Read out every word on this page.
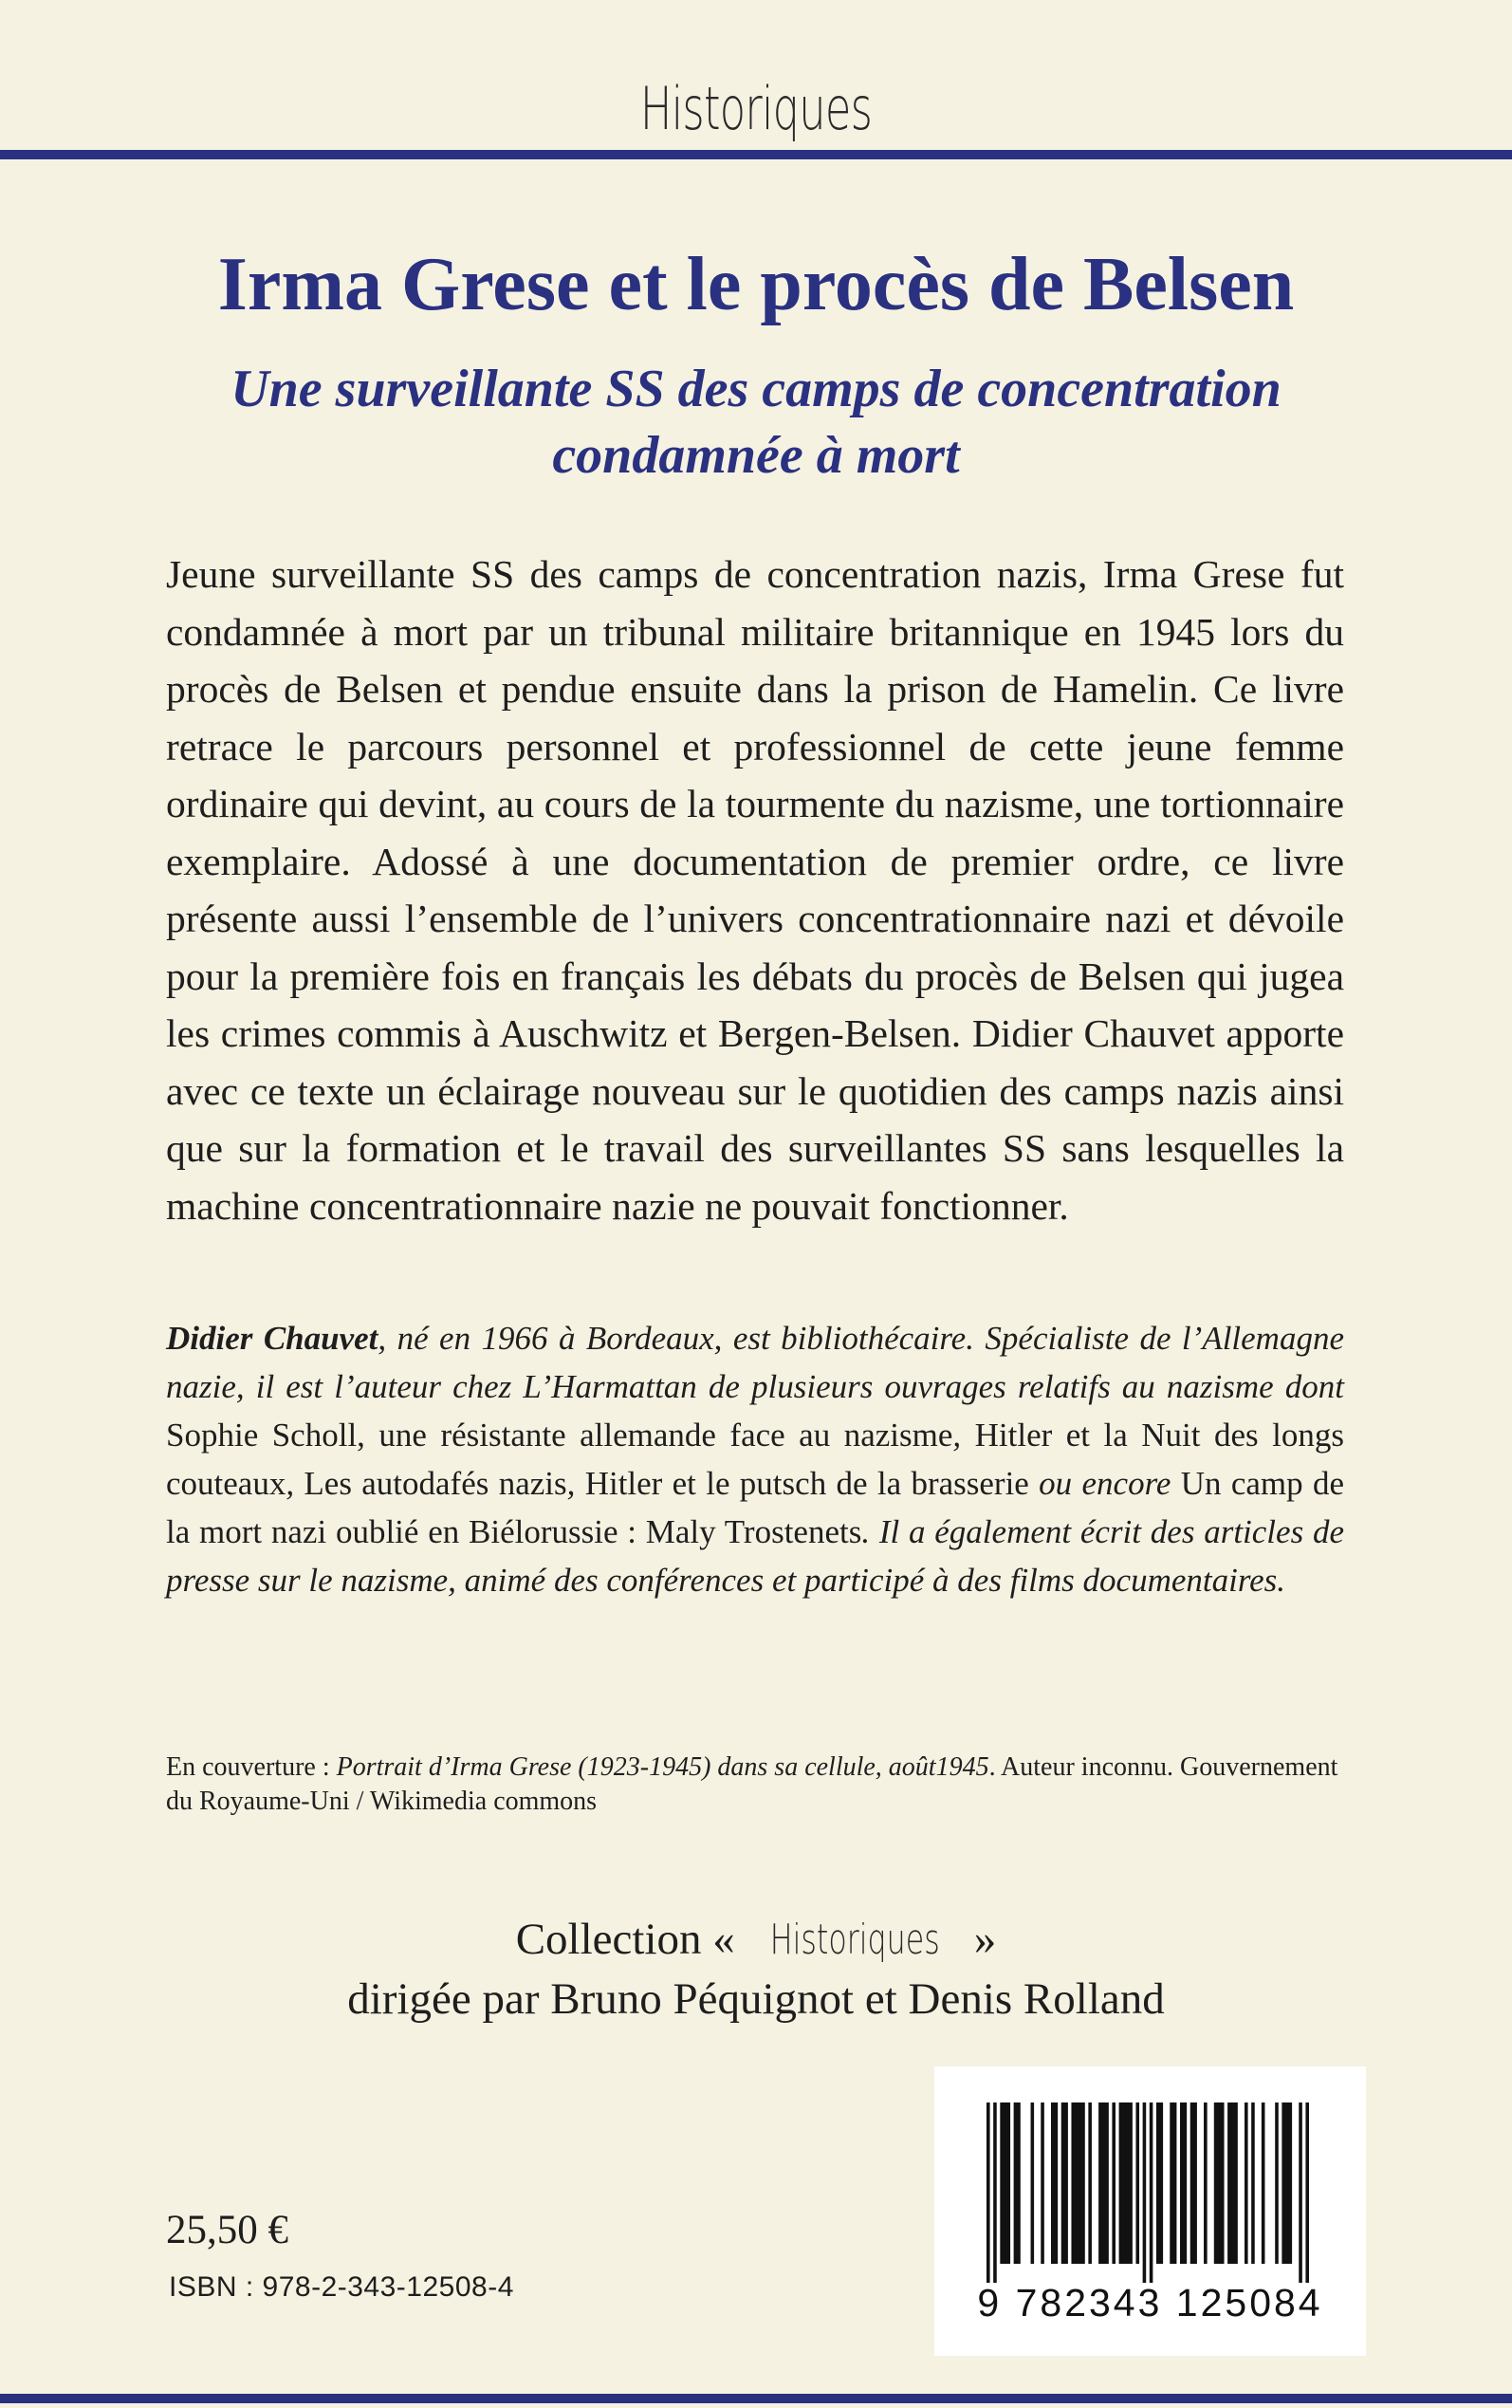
Historiques
Irma Grese et le procès de Belsen
Une surveillante SS des camps de concentration condamnée à mort

Jeune surveillante SS des camps de concentration nazis, Irma Grese fut condamnée à mort par un tribunal militaire britannique en 1945 lors du procès de Belsen et pendue ensuite dans la prison de Hamelin. Ce livre retrace le parcours personnel et professionnel de cette jeune femme ordinaire qui devint, au cours de la tourmente du nazisme, une tortionnaire exemplaire. Adossé à une documentation de premier ordre, ce livre présente aussi l’ensemble de l’univers concentrationnaire nazi et dévoile pour la première fois en français les débats du procès de Belsen qui jugea les crimes commis à Auschwitz et Bergen-Belsen. Didier Chauvet apporte avec ce texte un éclairage nouveau sur le quotidien des camps nazis ainsi que sur la formation et le travail des surveillantes SS sans lesquelles la machine concentrationnaire nazie ne pouvait fonctionner.

Didier Chauvet, né en 1966 à Bordeaux, est bibliothécaire. Spécialiste de l’Allemagne nazie, il est l’auteur chez L’Harmattan de plusieurs ouvrages relatifs au nazisme dont Sophie Scholl, une résistante allemande face au nazisme, Hitler et la Nuit des longs couteaux, Les autodafés nazis, Hitler et le putsch de la brasserie ou encore Un camp de la mort nazi oublié en Biélorussie : Maly Trostenets. Il a également écrit des articles de presse sur le nazisme, animé des conférences et participé à des films documentaires.

En couverture : Portrait d’Irma Grese (1923-1945) dans sa cellule, août1945. Auteur inconnu. Gouvernement du Royaume-Uni / Wikimedia commons

Collection « Historiques »
dirigée par Bruno Péquignot et Denis Rolland
25,50 €
ISBN : 978-2-343-12508-4	9 782343 125084
